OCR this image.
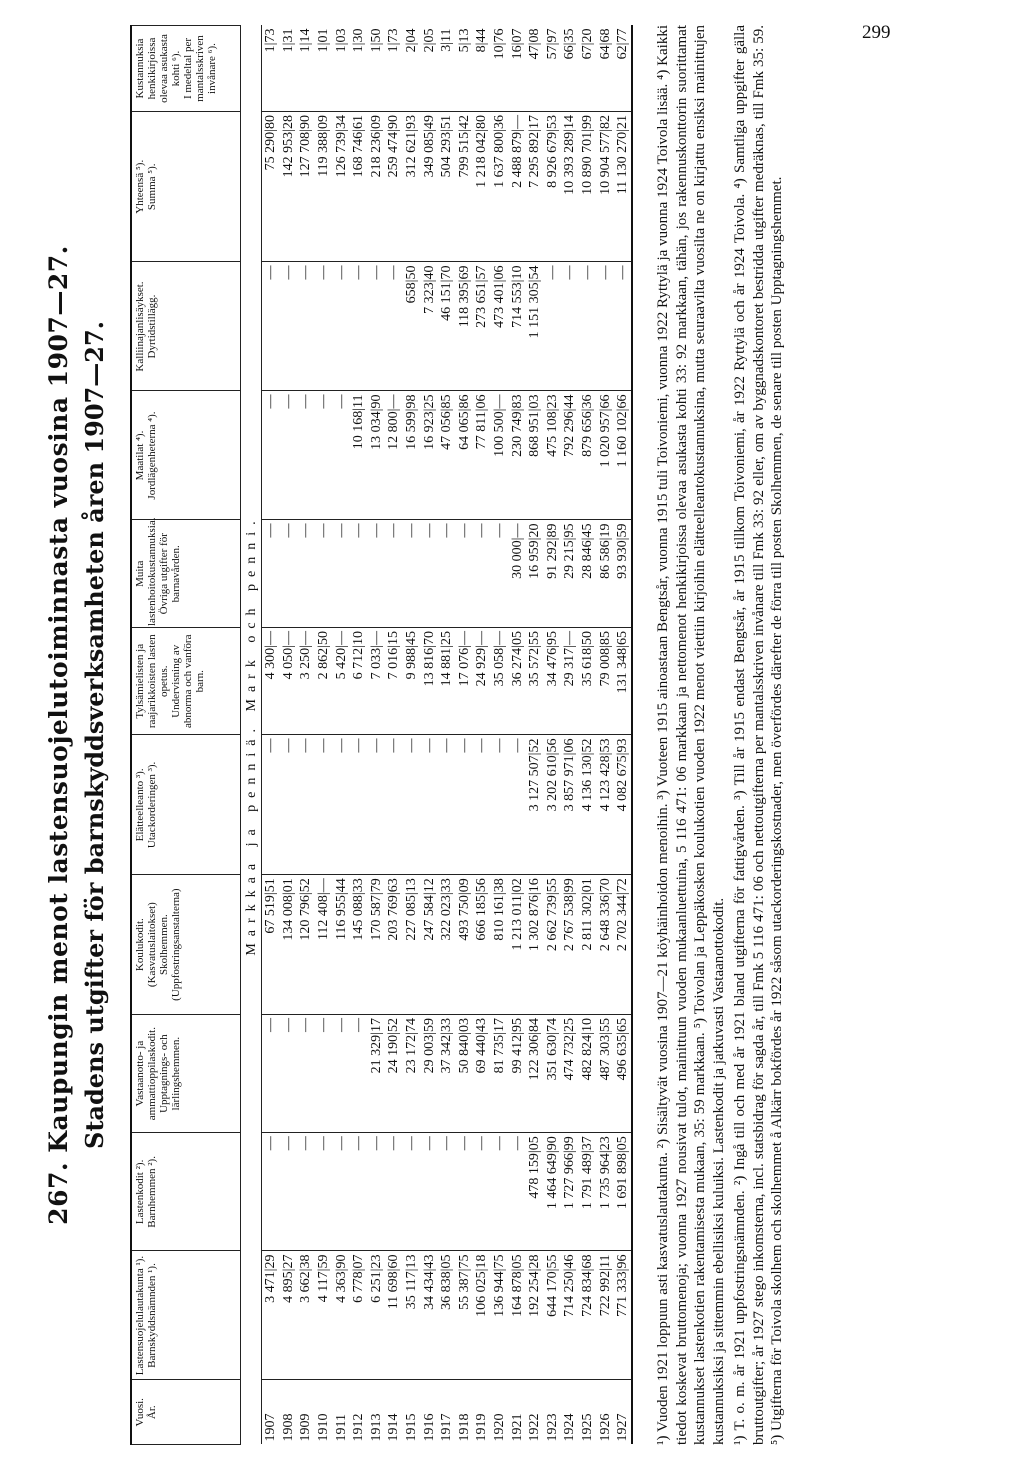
299
267. Kaupungin menot lastensuojelutoiminnasta vuosina 1907—27. Stadens utgifter för barnskyddsverksamheten åren 1907—27.
Vuosi. År.	Lastensuojelulautakunta ¹). Barnskyddsnämnden ¹).	Lastenkodit ²). Barnhemmen ²).	Vastaanotto- ja ammattioppilaskodit. Upptagnings- och lärlingshemmen.	Koulukodit. (Kasvatuslaitokset) Skolhemmen. (Uppfostringsanstalterna)	Elätteelleanto ³). Utackorderingen ³).	Tylsämielisten ja raajarikkoisten lasten opetus. Undervisning av abnorma och vanföra barn.	Muita lastenhoitokustannuksia. Övriga utgifter för barnavården.	Maatilat ⁴). Jordlägenheterna ⁴).	Kalliinajanlisäykset. Dyrtidstillägg.	Yhteensä ⁵). Summa ⁵).	Kustannuksia henkikirjoissa olevaa asukasta kohti ⁶). I medeltal per mantalsskriven invånare ⁶).

Markkaa ja penniä. Mark och penni.											
1907	3 471|29	—	—	67 519|51	—	4 300|—	—	—	—	75 290|80	1|73
1908	4 895|27	—	—	134 008|01	—	4 050|—	—	—	—	142 953|28	1|31
1909	3 662|38	—	—	120 796|52	—	3 250|—	—	—	—	127 708|90	1|14
1910	4 117|59	—	—	112 408|—	—	2 862|50	—	—	—	119 388|09	1|01
1911	4 363|90	—	—	116 955|44	—	5 420|—	—	—	—	126 739|34	1|03
1912	6 778|07	—	—	145 088|33	—	6 712|10	—	10 168|11	—	168 746|61	1|30
1913	6 251|23	—	21 329|17	170 587|79	—	7 033|—	—	13 034|90	—	218 236|09	1|50
1914	11 698|60	—	24 190|52	203 769|63	—	7 016|15	—	12 800|—	—	259 474|90	1|73
1915	35 117|13	—	23 172|74	227 085|13	—	9 988|45	—	16 599|98	658|50	312 621|93	2|04
1916	34 434|43	—	29 003|59	247 584|12	—	13 816|70	—	16 923|25	7 323|40	349 085|49	2|05
1917	36 838|05	—	37 342|33	322 023|33	—	14 881|25	—	47 056|85	46 151|70	504 293|51	3|11
1918	55 387|75	—	50 840|03	493 750|09	—	17 076|—	—	64 065|86	118 395|69	799 515|42	5|13
1919	106 025|18	—	69 440|43	666 185|56	—	24 929|—	—	77 811|06	273 651|57	1 218 042|80	8|44
1920	136 944|75	—	81 735|17	810 161|38	—	35 058|—	—	100 500|—	473 401|06	1 637 800|36	10|76
1921	164 878|05	—	99 412|95	1 213 011|02	—	36 274|05	30 000|—	230 749|83	714 553|10	2 488 879|—	16|07
1922	192 254|28	478 159|05	122 306|84	1 302 876|16	3 127 507|52	35 572|55	16 959|20	868 951|03	1 151 305|54	7 295 892|17	47|08
1923	644 170|55	1 464 649|90	351 630|74	2 662 739|55	3 202 610|56	34 476|95	91 292|89	475 108|23	—	8 926 679|53	57|97
1924	714 250|46	1 727 966|99	474 732|25	2 767 538|99	3 857 971|06	29 317|—	29 215|95	792 296|44	—	10 393 289|14	66|35
1925	724 834|68	1 791 489|37	482 824|10	2 811 302|01	4 136 130|52	35 618|50	28 846|45	879 656|36	—	10 890 701|99	67|20
1926	722 992|11	1 735 964|23	487 303|55	2 648 336|70	4 123 428|53	79 008|85	86 586|19	1 020 957|66	—	10 904 577|82	64|68
1927	771 333|96	1 691 898|05	496 635|65	2 702 344|72	4 082 675|93	131 348|65	93 930|59	1 160 102|66	—	11 130 270|21	62|77 ¹) Vuoden 1921 loppuun asti kasvatuslautakunta. ²) Sisältyvät vuosina 1907—21 köyhäinhoidon menoihin. ³) Vuoteen 1915 ainoastaan Bengtsår, vuonna 1915 tuli Toivoniemi, vuonna 1922 Ryttylä ja vuonna 1924 Toivola lisää. ⁴) Kaikki tiedot koskevat bruttomenoja; vuonna 1927 nousivat tulot, mainittuun vuoden mukaanluettuina, 5 116 471: 06 markkaan ja nettomenot henkikirjoissa olevaa asukasta kohti 33: 92 markkaan, tähän, jos rakennuskonttorin suorittamat kustannukset lastenkotien rakentamisesta mukaan, 35: 59 markkaan. ⁵) Toivolan ja Leppäkosken koulukotien vuoden 1922 menot viettiin kirjoihin elätteelleantokustannuksina, mutta seuraavilta vuosilta ne on kirjattu ensiksi mainittujen kustannuksiksi ja sittemmin ebellisiksi kuluiksi. Lastenkodit ja jatkuvasti Vastaanottokodit. ¹) T. o. m. år 1921 uppfostringsnämnden. ²) Ingå till och med år 1921 bland utgifterna för fattigvården. ³) Till år 1915 endast Bengtsår, år 1915 tillkom Toivoniemi, år 1922 Ryttylä och år 1924 Toivola. ⁴) Samtliga uppgifter gälla bruttoutgifter; år 1927 stego inkomsterna, incl. statsbidrag för sagda år, till Fmk 5 116 471: 06 och nettoutgifterna per mantalsskriven invånare till Fmk 33: 92 eller, om av byggnadskontoret bestridda utgifter medräknas, till Fmk 35: 59. ⁵) Utgifterna för Toivola skolhem och skolhemmet å Alkärr bokfördes år 1922 såsom utackorderingskostnader, men överfördes därefter de förra till posten Skolhemmen, de senare till posten Upptagningshemmet.
